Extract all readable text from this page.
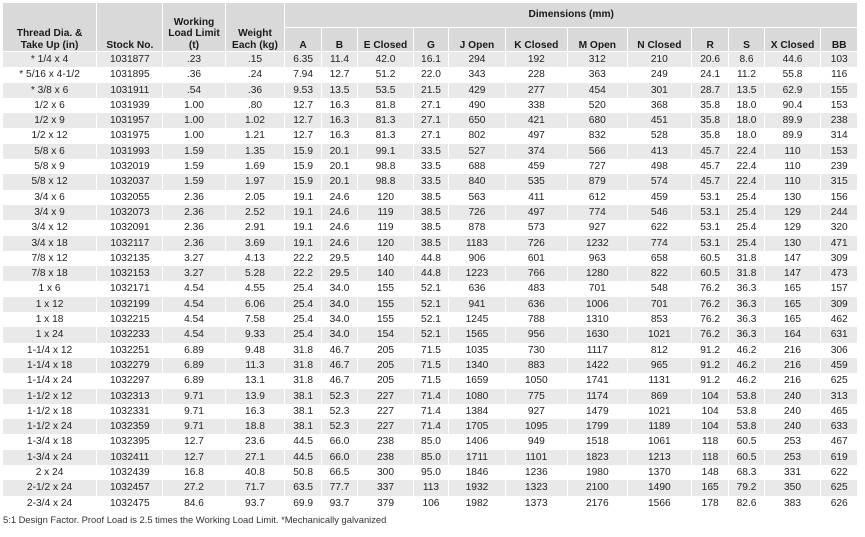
Thread Dia. & Take Up (in)	Stock No.	Working Load Limit (t)	Weight Each (kg)	Dimensions (mm)											
				A	B	E Closed	G	J Open	K Closed	M Open	N Closed	R	S	X Closed	BB
* 1/4 x 4	1031877	.23	.15	6.35	11.4	42.0	16.1	294	192	312	210	20.6	8.6	44.6	103
* 5/16 x 4-1/2	1031895	.36	.24	7.94	12.7	51.2	22.0	343	228	363	249	24.1	11.2	55.8	116
* 3/8 x 6	1031911	.54	.36	9.53	13.5	53.5	21.5	429	277	454	301	28.7	13.5	62.9	155
1/2 x 6	1031939	1.00	.80	12.7	16.3	81.8	27.1	490	338	520	368	35.8	18.0	90.4	153
1/2 x 9	1031957	1.00	1.02	12.7	16.3	81.3	27.1	650	421	680	451	35.8	18.0	89.9	238
1/2 x 12	1031975	1.00	1.21	12.7	16.3	81.3	27.1	802	497	832	528	35.8	18.0	89.9	314
5/8 x 6	1031993	1.59	1.35	15.9	20.1	99.1	33.5	527	374	566	413	45.7	22.4	110	153
5/8 x 9	1032019	1.59	1.69	15.9	20.1	98.8	33.5	688	459	727	498	45.7	22.4	110	239
5/8 x 12	1032037	1.59	1.97	15.9	20.1	98.8	33.5	840	535	879	574	45.7	22.4	110	315
3/4 x 6	1032055	2.36	2.05	19.1	24.6	120	38.5	563	411	612	459	53.1	25.4	130	156
3/4 x 9	1032073	2.36	2.52	19.1	24.6	119	38.5	726	497	774	546	53.1	25.4	129	244
3/4 x 12	1032091	2.36	2.91	19.1	24.6	119	38.5	878	573	927	622	53.1	25.4	129	320
3/4 x 18	1032117	2.36	3.69	19.1	24.6	120	38.5	1183	726	1232	774	53.1	25.4	130	471
7/8 x 12	1032135	3.27	4.13	22.2	29.5	140	44.8	906	601	963	658	60.5	31.8	147	309
7/8 x 18	1032153	3.27	5.28	22.2	29.5	140	44.8	1223	766	1280	822	60.5	31.8	147	473
1 x 6	1032171	4.54	4.55	25.4	34.0	155	52.1	636	483	701	548	76.2	36.3	165	157
1 x 12	1032199	4.54	6.06	25.4	34.0	155	52.1	941	636	1006	701	76.2	36.3	165	309
1 x 18	1032215	4.54	7.58	25.4	34.0	155	52.1	1245	788	1310	853	76.2	36.3	165	462
1 x 24	1032233	4.54	9.33	25.4	34.0	154	52.1	1565	956	1630	1021	76.2	36.3	164	631
1-1/4 x 12	1032251	6.89	9.48	31.8	46.7	205	71.5	1035	730	1117	812	91.2	46.2	216	306
1-1/4 x 18	1032279	6.89	11.3	31.8	46.7	205	71.5	1340	883	1422	965	91.2	46.2	216	459
1-1/4 x 24	1032297	6.89	13.1	31.8	46.7	205	71.5	1659	1050	1741	1131	91.2	46.2	216	625
1-1/2 x 12	1032313	9.71	13.9	38.1	52.3	227	71.4	1080	775	1174	869	104	53.8	240	313
1-1/2 x 18	1032331	9.71	16.3	38.1	52.3	227	71.4	1384	927	1479	1021	104	53.8	240	465
1-1/2 x 24	1032359	9.71	18.8	38.1	52.3	227	71.4	1705	1095	1799	1189	104	53.8	240	633
1-3/4 x 18	1032395	12.7	23.6	44.5	66.0	238	85.0	1406	949	1518	1061	118	60.5	253	467
1-3/4 x 24	1032411	12.7	27.1	44.5	66.0	238	85.0	1711	1101	1823	1213	118	60.5	253	619
2 x 24	1032439	16.8	40.8	50.8	66.5	300	95.0	1846	1236	1980	1370	148	68.3	331	622
2-1/2 x 24	1032457	27.2	71.7	63.5	77.7	337	113	1932	1323	2100	1490	165	79.2	350	625
2-3/4 x 24	1032475	84.6	93.7	69.9	93.7	379	106	1982	1373	2176	1566	178	82.6	383	626
5:1 Design Factor. Proof Load is 2.5 times the Working Load Limit. *Mechanically galvanized
